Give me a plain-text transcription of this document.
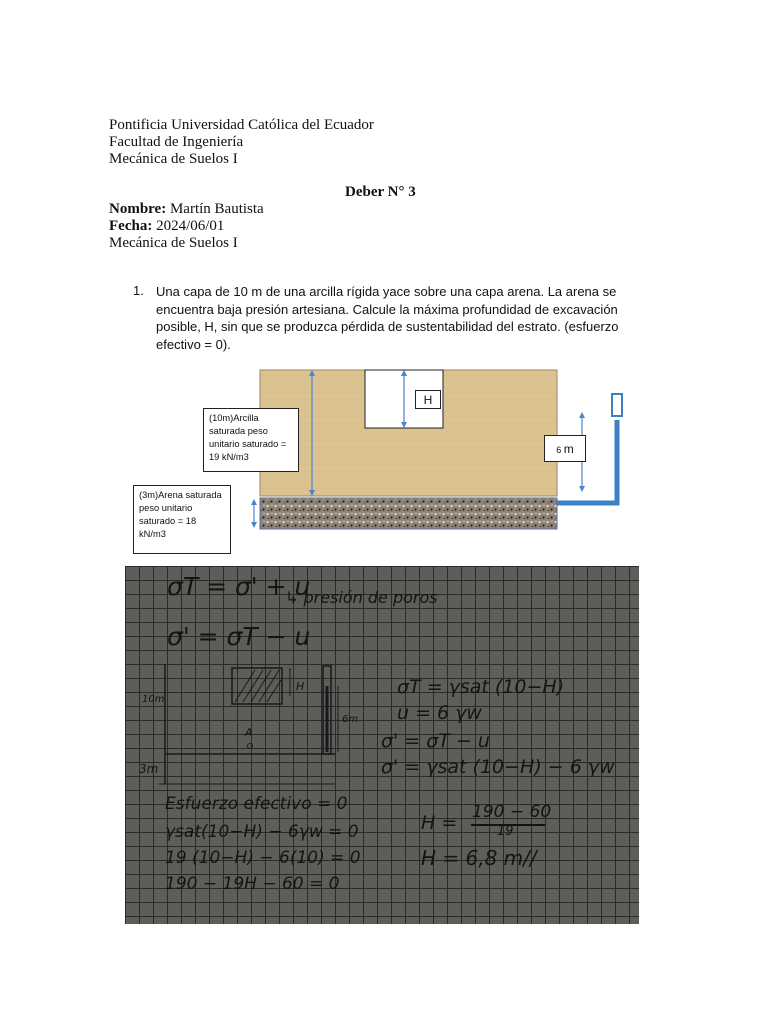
Pontificia Universidad Católica del Ecuador
Facultad de Ingeniería
Mecánica de Suelos I
Deber N° 3
Nombre: Martín Bautista
Fecha: 2024/06/01
Mecánica de Suelos I
1. Una capa de 10 m de una arcilla rígida yace sobre una capa arena. La arena se encuentra baja presión artesiana. Calcule la máxima profundidad de excavación posible, H, sin que se produzca pérdida de sustentabilidad del estrato. (esfuerzo efectivo = 0).
H
6 m
(10m)Arcilla saturada peso unitario saturado = 19 kN/m3
(3m)Arena saturada peso unitario saturado = 18 kN/m3
σT = σ' + u
↳ presión de poros
σ' = σT − u
10m
3m
H
A
6m
σT = γsat (10−H)
u = 6 γw
σ' = σT − u
σ' = γsat (10−H) − 6 γw
Esfuerzo efectivo = 0
γsat(10−H) − 6γw = 0
19 (10−H) − 6(10) = 0
190 − 19H − 60 = 0
H = 190 − 60
19
H = 6,8 m//
